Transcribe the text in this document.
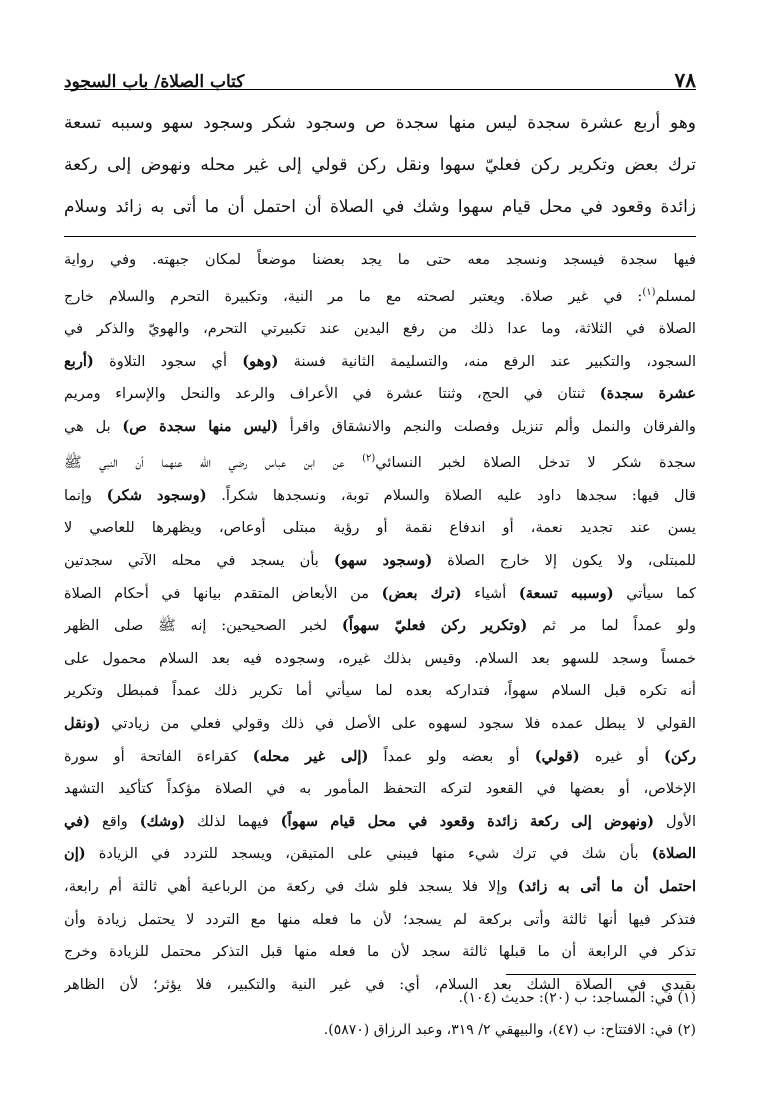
٧٨
كتاب الصلاة/ باب السجود

وهو أربع عشرة سجدة ليس منها سجدة ص وسجود شكر وسجود سهو وسببه تسعة

ترك بعض وتكرير ركن فعليّ سهوا ونقل ركن قولي إلى غير محله ونهوض إلى ركعة

زائدة وقعود في محل قيام سهوا وشك في الصلاة أن احتمل أن ما أتى به زائد وسلام

فيها سجدة فيسجد ونسجد معه حتى ما يجد بعضنا موضعاً لمكان جبهته. وفي رواية

لمسلم$^{(١)}$: في غير صلاة. ويعتبر لصحته مع ما مر النية، وتكبيرة التحرم والسلام خارج

الصلاة في الثلاثة، وما عدا ذلك من رفع اليدين عند تكبيرتي التحرم، والهويّ والذكر في

السجود، والتكبير عند الرفع منه، والتسليمة الثانية فسنة (وهو) أي سجود التلاوة (أربع

عشرة سجدة) ثنتان في الحج، وثنتا عشرة في الأعراف والرعد والنحل والإسراء ومريم

والفرقان والنمل وألم تنزيل وفصلت والنجم والانشقاق واقرأ (ليس منها سجدة ص) بل هي

سجدة شكر لا تدخل الصلاة لخبر النسائي$^{(٢)}$ عن ابن عباس رضي الله عنهما أن النبي ﷺ

قال فيها: سجدها داود عليه الصلاة والسلام توبة، ونسجدها شكراً. (وسجود شكر) وإنما

يسن عند تجديد نعمة، أو اندفاع نقمة أو رؤية مبتلى أوعاص، ويظهرها للعاصي لا

للمبتلى، ولا يكون إلا خارج الصلاة (وسجود سهو) بأن يسجد في محله الآتي سجدتين

كما سيأتي (وسببه تسعة) أشياء (ترك بعض) من الأبعاض المتقدم بيانها في أحكام الصلاة

ولو عمداً لما مر ثم (وتكرير ركن فعليّ سهواً) لخبر الصحيحين: إنه ﷺ صلى الظهر

خمساً وسجد للسهو بعد السلام. وقيس بذلك غيره، وسجوده فيه بعد السلام محمول على

أنه تكره قبل السلام سهواً، فتداركه بعده لما سيأتي أما تكرير ذلك عمداً فمبطل وتكرير

القولي لا يبطل عمده فلا سجود لسهوه على الأصل في ذلك وقولي فعلي من زيادتي (ونقل

ركن) أو غيره (قولي) أو بعضه ولو عمداً (إلى غير محله) كقراءة الفاتحة أو سورة

الإخلاص، أو بعضها في القعود لتركه التحفظ المأمور به في الصلاة مؤكداً كتأكيد التشهد

الأول (ونهوض إلى ركعة زائدة وقعود في محل قيام سهواً) فيهما لذلك (وشك) واقع (في

الصلاة) بأن شك في ترك شيء منها فيبني على المتيقن، ويسجد للتردد في الزيادة (إن

احتمل أن ما أتى به زائد) وإلا فلا يسجد فلو شك في ركعة من الرباعية أهي ثالثة أم رابعة،

فتذكر فيها أنها ثالثة وأتى بركعة لم يسجد؛ لأن ما فعله منها مع التردد لا يحتمل زيادة وأن

تذكر في الرابعة أن ما قبلها ثالثة سجد لأن ما فعله منها قبل التذكر محتمل للزيادة وخرج

بقيدي في الصلاة الشك بعد السلام، أي: في غير النية والتكبير، فلا يؤثر؛ لأن الظاهر

(١) في: المساجد: ب (٢٠): حديث (١٠٤).

(٢) في: الافتتاح: ب (٤٧)، والبيهقي ٢/ ٣١٩، وعبد الرزاق (٥٨٧٠).
